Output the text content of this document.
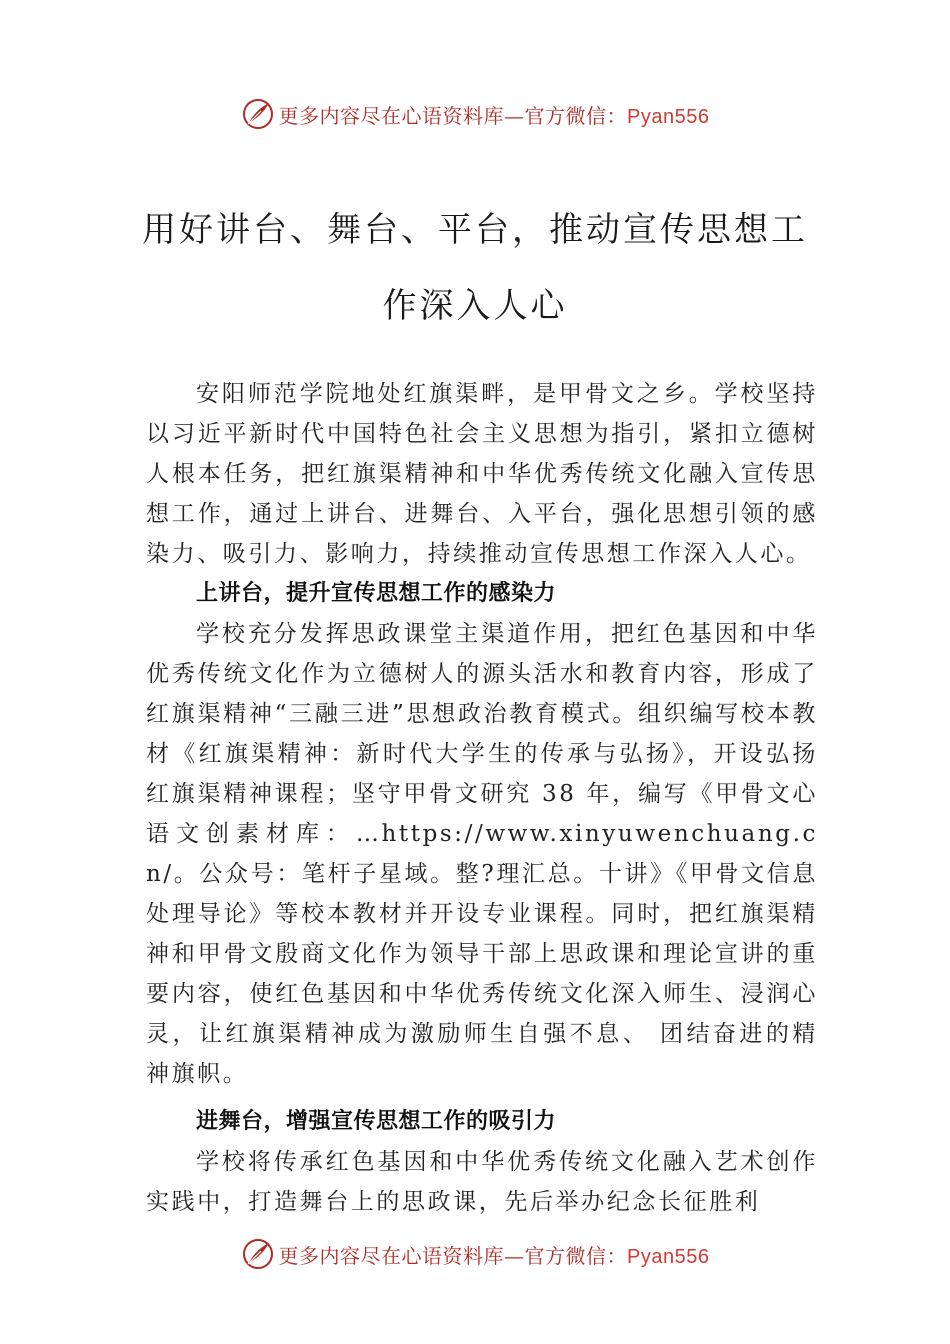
更多内容尽在心语资料库—官方微信：Pyan556
用好讲台、舞台、平台，推动宣传思想工
作深入人心

安阳师范学院地处红旗渠畔，是甲骨文之乡。学校坚持以习近平新时代中国特色社会主义思想为指引，紧扣立德树人根本任务，把红旗渠精神和中华优秀传统文化融入宣传思想工作，通过上讲台、进舞台、入平台，强化思想引领的感染力、吸引力、影响力，持续推动宣传思想工作深入人心。

上讲台，提升宣传思想工作的感染力

学校充分发挥思政课堂主渠道作用，把红色基因和中华优秀传统文化作为立德树人的源头活水和教育内容，形成了红旗渠精神“三融三进”思想政治教育模式。组织编写校本教材《红旗渠精神：新时代大学生的传承与弘扬》，开设弘扬红旗渠精神课程；坚守甲骨文研究 38 年，编写《甲骨文心语文创素材库：…https://www.xinyuwenchuang.cn/。公众号：笔杆子星域。整?理汇总。十讲》《甲骨文信息处理导论》等校本教材并开设专业课程。同时，把红旗渠精神和甲骨文殷商文化作为领导干部上思政课和理论宣讲的重要内容，使红色基因和中华优秀传统文化深入师生、浸润心灵，让红旗渠精神成为激励师生自强不息、 团结奋进的精神旗帜。

进舞台，增强宣传思想工作的吸引力

学校将传承红色基因和中华优秀传统文化融入艺术创作实践中，打造舞台上的思政课，先后举办纪念长征胜利

更多内容尽在心语资料库—官方微信：Pyan556
